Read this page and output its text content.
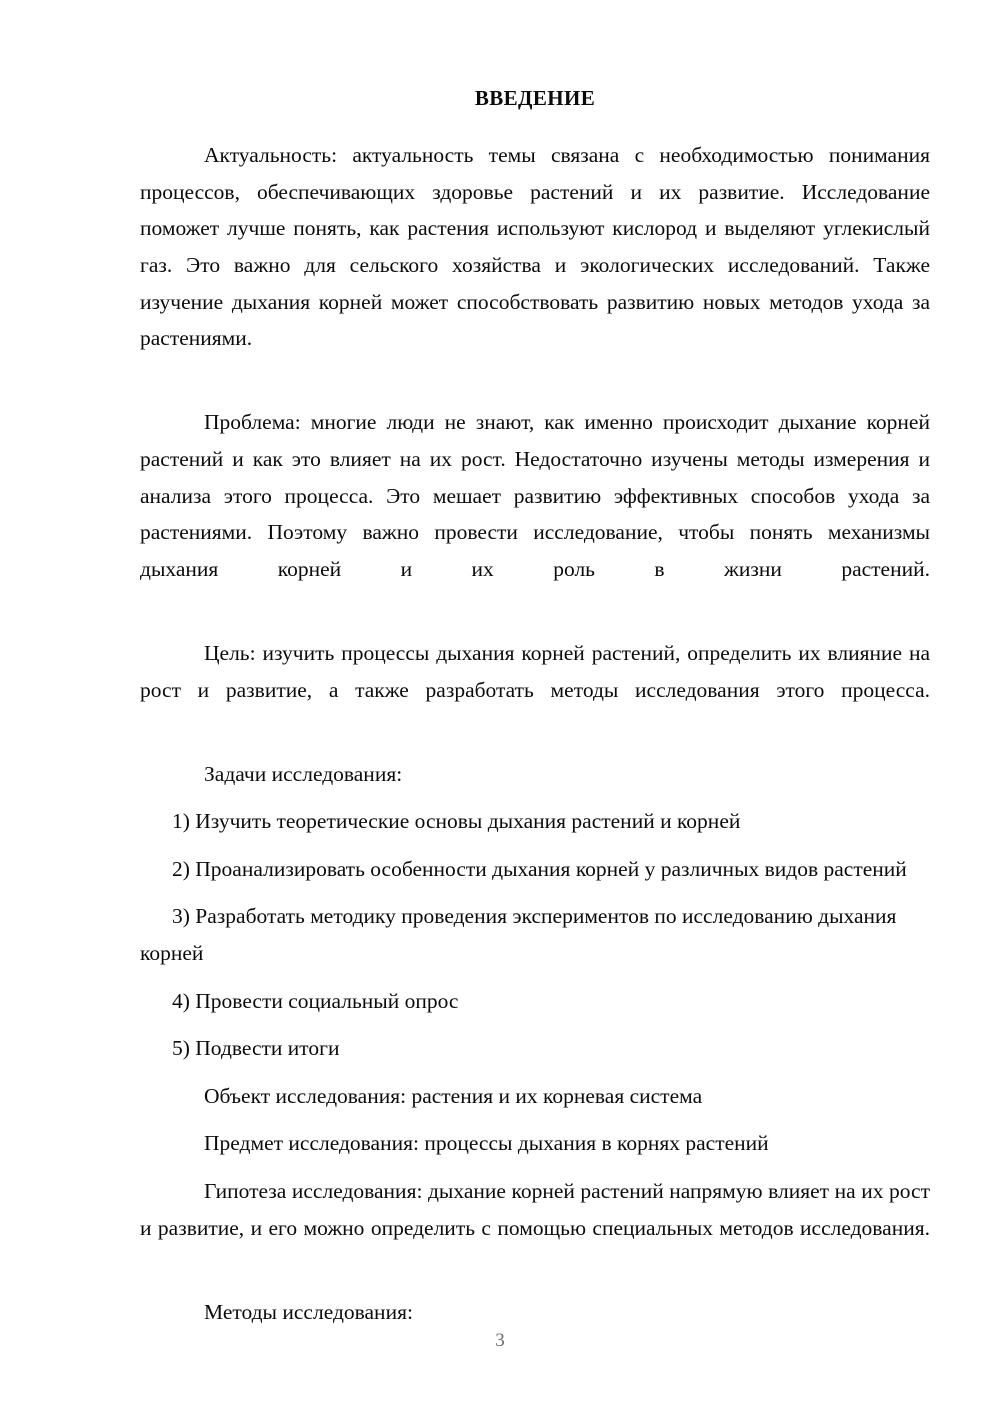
ВВЕДЕНИЕ

Актуальность: актуальность темы связана с необходимостью понимания процессов, обеспечивающих здоровье растений и их развитие. Исследование поможет лучше понять, как растения используют кислород и выделяют углекислый газ. Это важно для сельского хозяйства и экологических исследований. Также изучение дыхания корней может способствовать развитию новых методов ухода за растениями.

Проблема: многие люди не знают, как именно происходит дыхание корней растений и как это влияет на их рост. Недостаточно изучены методы измерения и анализа этого процесса. Это мешает развитию эффективных способов ухода за растениями. Поэтому важно провести исследование, чтобы понять механизмы дыхания корней и их роль в жизни растений.

Цель: изучить процессы дыхания корней растений, определить их влияние на рост и развитие, а также разработать методы исследования этого процесса.

Задачи исследования:

1) Изучить теоретические основы дыхания растений и корней

2) Проанализировать особенности дыхания корней у различных видов растений

3) Разработать методику проведения экспериментов по исследованию дыхания корней

4) Провести социальный опрос

5) Подвести итоги

Объект исследования: растения и их корневая система

Предмет исследования: процессы дыхания в корнях растений

Гипотеза исследования: дыхание корней растений напрямую влияет на их рост и развитие, и его можно определить с помощью специальных методов исследования.

Методы исследования:

3
